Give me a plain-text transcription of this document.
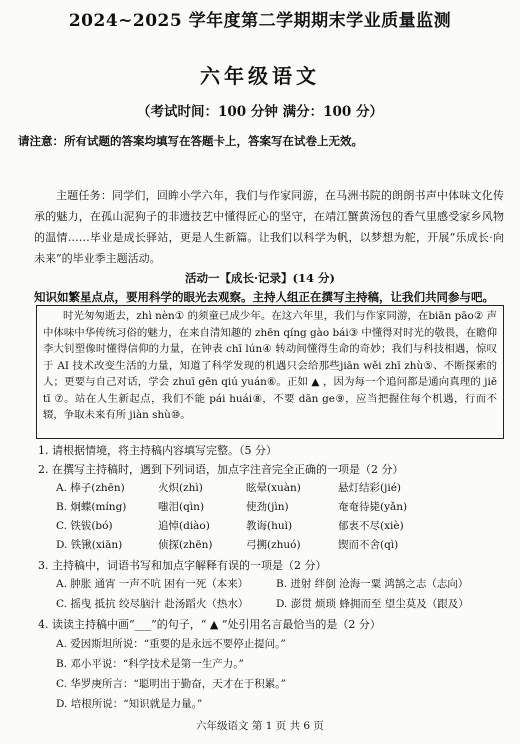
2024~2025 学年度第二学期期末学业质量监测
六年级语文
（考试时间：100 分钟 满分：100 分）
请注意：所有试题的答案均填写在答题卡上，答案写在试卷上无效。
主题任务：同学们，回眸小学六年，我们与作家同游，在马洲书院的朗朗书声中体味文化传承的魅力，在孤山泥狗子的非遗技艺中懂得匠心的坚守，在靖江蟹黄汤包的香气里感受家乡风物的温情……毕业是成长驿站，更是人生新篇。让我们以科学为帆，以梦想为舵，开展“乐成长·向未来”的毕业季主题活动。
活动一【成长·记录】(14 分)
知识如繁星点点，要用科学的眼光去观察。主持人组正在撰写主持稿，让我们共同参与吧。

时光匆匆逝去，zhì nèn① 的须童已成少年。在这六年里，我们与作家同游，在biān pāo② 声中体味中华传统习俗的魅力，在来自清知趣的 zhēn qíng gào bái③ 中懂得对时光的敬畏，在瞻仰李大钊塑像时懂得信仰的力量，在钟表 chī lún④ 转动间懂得生命的奇妙；我们与科技相遇，惊叹于 AI 技术改变生活的力量，知道了科学发现的机遇只会给那些jiān wěi zhī zhù⑤、不断探索的人；更要与自己对话，学会 zhuī gēn qiú yuán⑥。正如 ▲ ，因为每一个追问都是通向真理的 jiē tī ⑦。站在人生新起点，我们不能 pái huái⑧，不要 dān ge⑨，应当把握住每个机遇，行而不辍，争取未来有所 jiàn shù⑩。

1. 请根据情境，将主持稿内容填写完整。（5 分）
2. 在撰写主持稿时，遇到下列词语，加点字注音完全正确的一项是（2 分）
A. 棒子(zhēn)	火炽(zhì)	眩晕(xuàn)	悬灯结彩(jié)
B. 炯蝶(míng)	嗤泪(qìn)	使劲(jìn)	奄奄待毙(yǎn)
C. 铁钹(bó)	追悼(diào)	教诲(huì)	郁衷不尽(xiè)
D. 铁锹(xiān)	侦探(zhēn)	弓搠(zhuó)	锲而不舍(qì)
3. 主持稿中，词语书写和加点字解释有误的一项是（2 分）
A. 肿胀 通宵 一声不吭 困有一死（本来）	B. 迸射 绊倒 沧海一粟 鸿鹄之志（志向）
C. 摇曳 抵抗 绞尽脑汁 赴汤蹈火（热水）	D. 澎贯 烦琐 蜂拥而至 望尘莫及（跟及）
4. 读读主持稿中画“___”的句子，“ ▲ ”处引用名言最恰当的是（2 分）
A. 爱因斯坦所说：“重要的是永远不要停止提问。”
B. 邓小平说：“科学技术是第一生产力。”
C. 华罗庚所言：“聪明出于勤奋，天才在于积累。”
D. 培根所说：“知识就是力量。”
六年级语文 第 1 页 共 6 页
